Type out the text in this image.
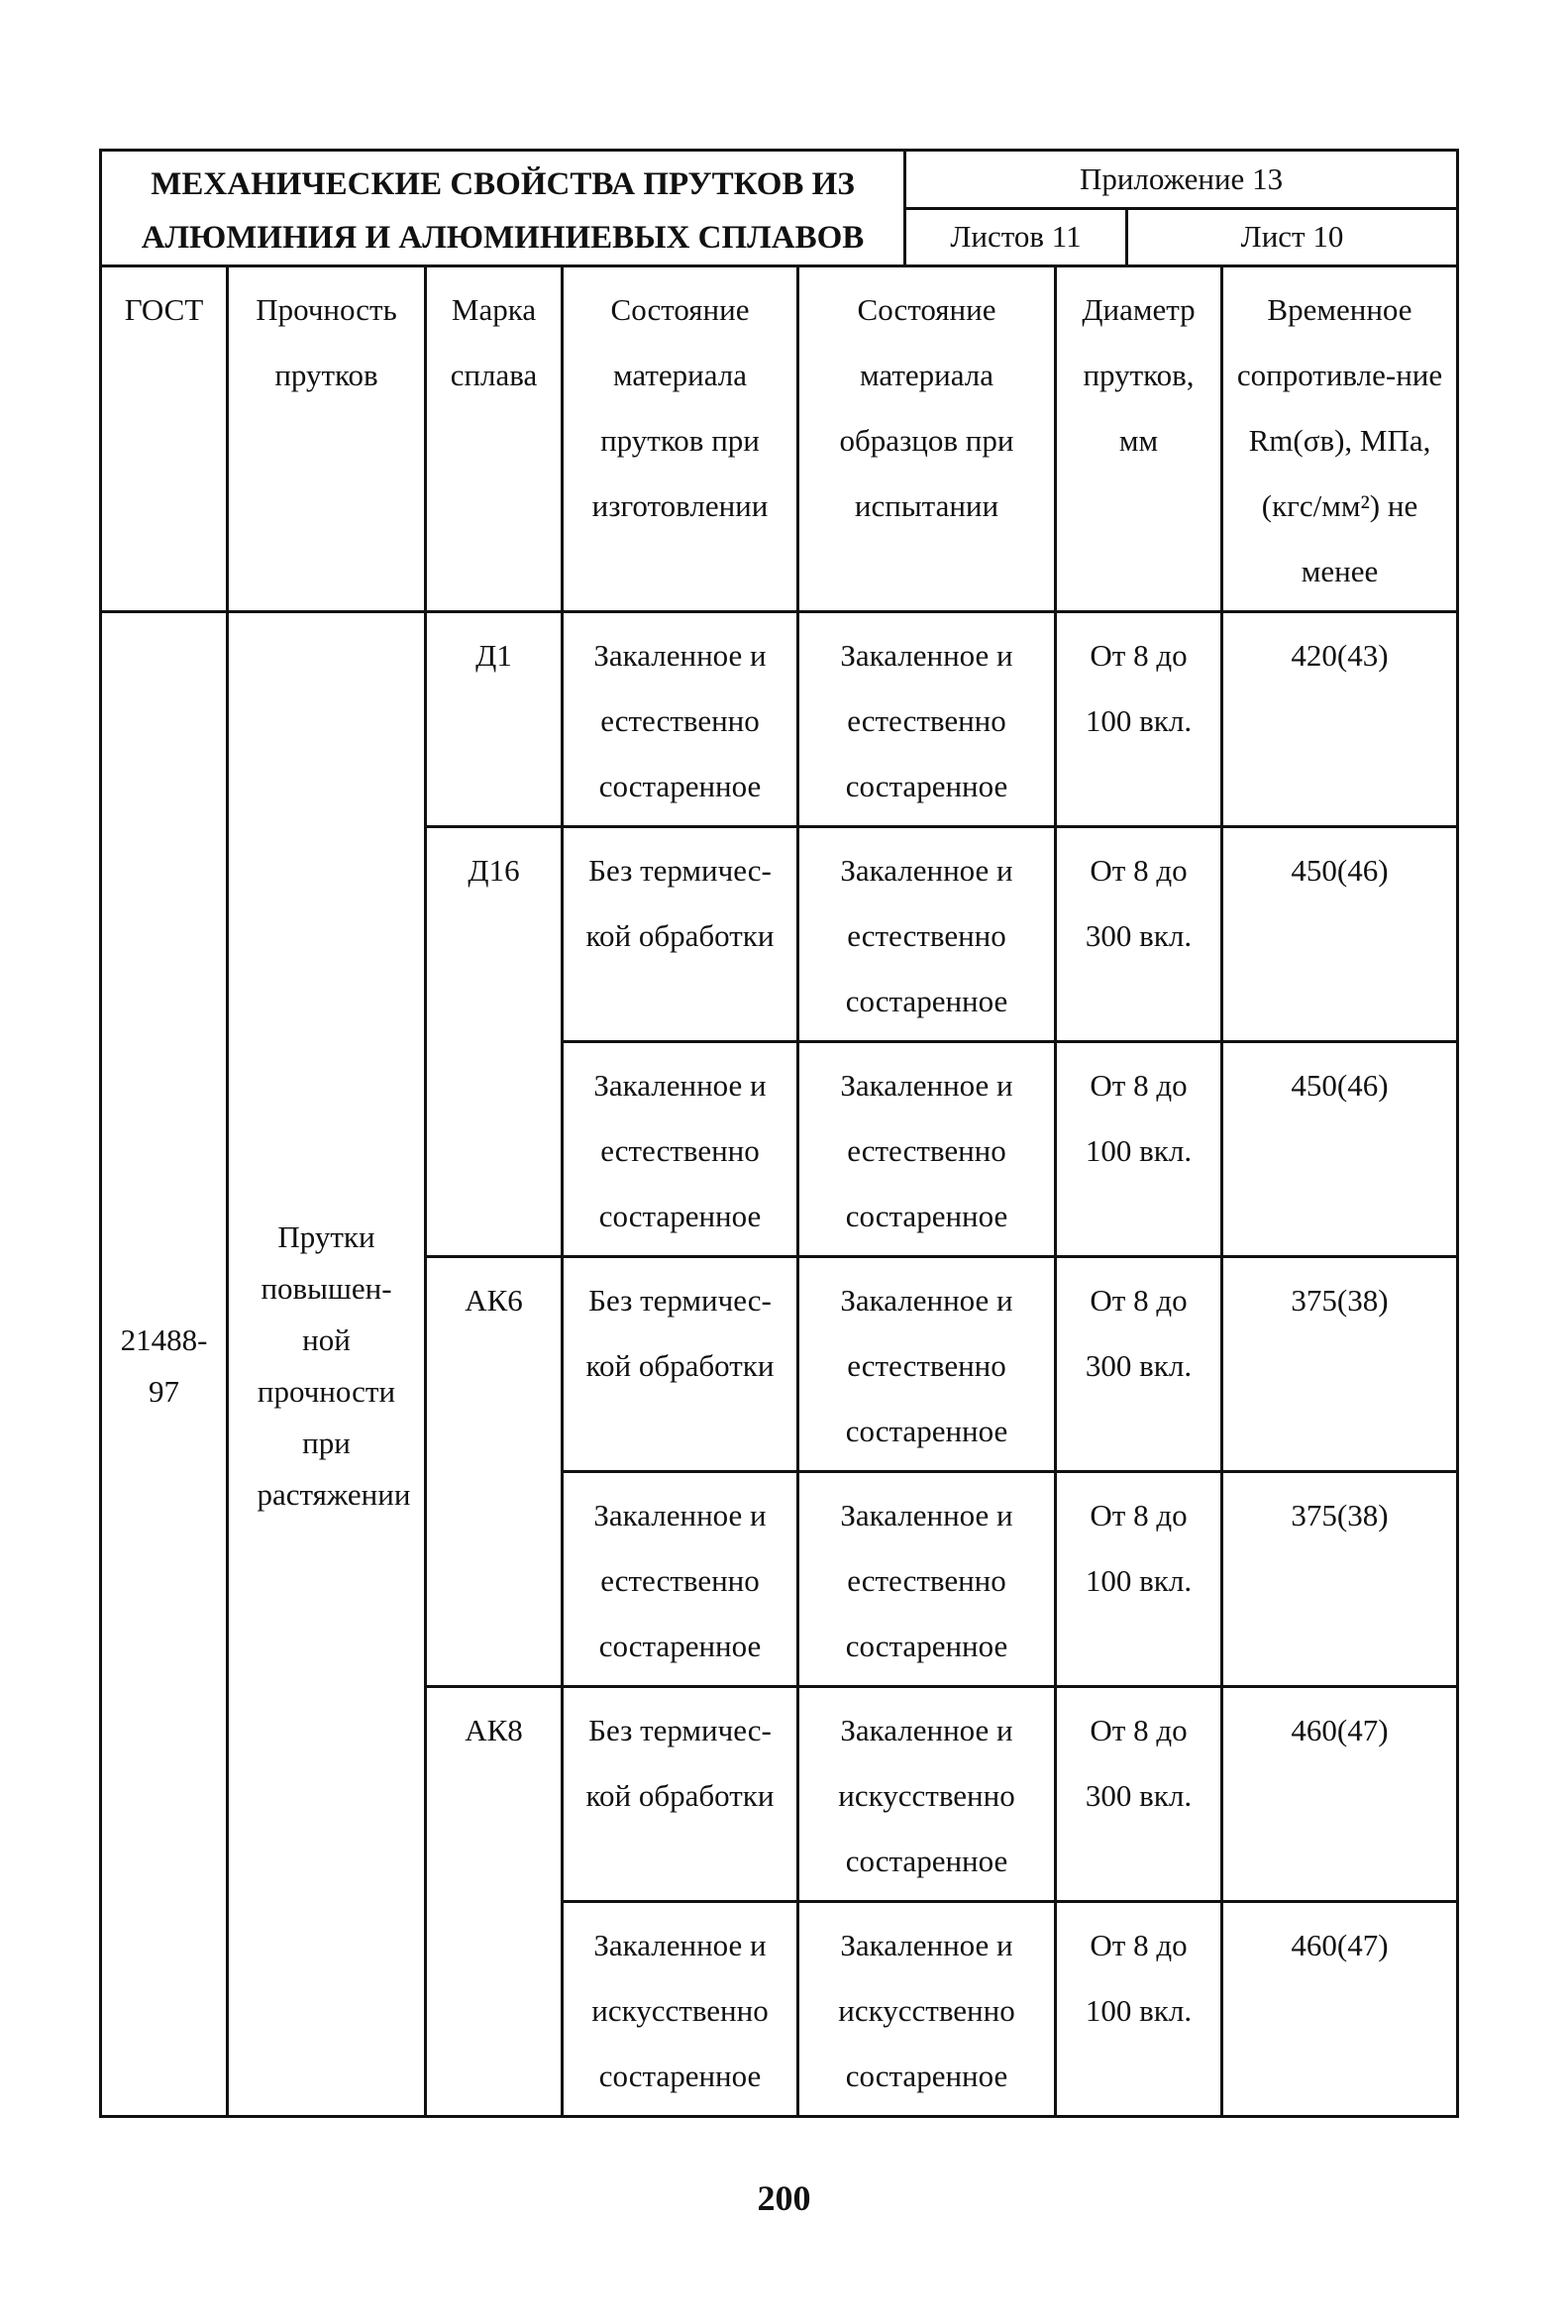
МЕХАНИЧЕСКИЕ СВОЙСТВА ПРУТКОВ ИЗ
АЛЮМИНИЯ И АЛЮМИНИЕВЫХ СПЛАВОВ	Приложение 13	
	Листов 11	Лист 10
ГОСТ	Прочность прутков	Марка сплава	Состояние материала прутков при изготовлении	Состояние материала образцов при испытании	Диаметр прутков, мм	Временное сопротивле-ние Rm(σв), МПа, (кгс/мм²) не менее
21488-97	Прутки повышен-ной прочности при растяжении	Д1	Закаленное и естественно состаренное	Закаленное и естественно состаренное	От 8 до 100 вкл.	420(43)
		Д16	Без термичес-кой обработки	Закаленное и естественно состаренное	От 8 до 300 вкл.	450(46)
			Закаленное и естественно состаренное	Закаленное и естественно состаренное	От 8 до 100 вкл.	450(46)
		АК6	Без термичес-кой обработки	Закаленное и естественно состаренное	От 8 до 300 вкл.	375(38)
			Закаленное и естественно состаренное	Закаленное и естественно состаренное	От 8 до 100 вкл.	375(38)
		АК8	Без термичес-кой обработки	Закаленное и искусственно состаренное	От 8 до 300 вкл.	460(47)
			Закаленное и искусственно состаренное	Закаленное и искусственно состаренное	От 8 до 100 вкл.	460(47)
200
